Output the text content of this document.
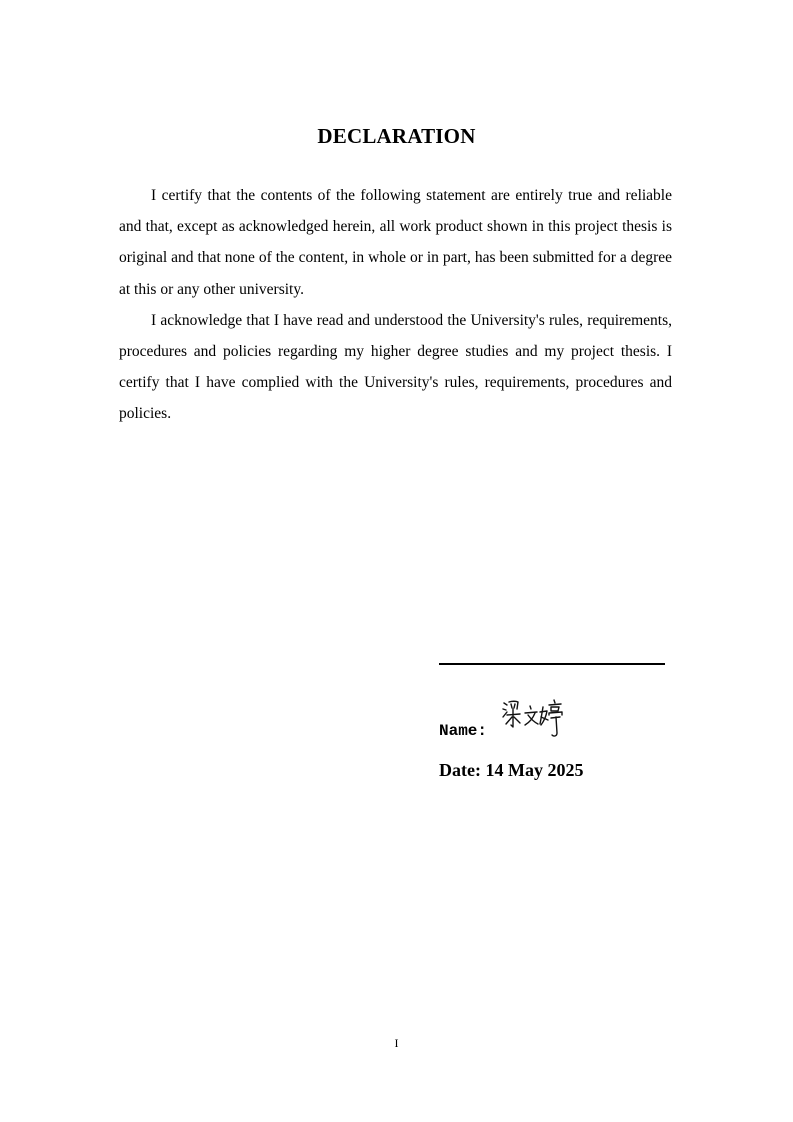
DECLARATION

I certify that the contents of the following statement are entirely true and reliable and that, except as acknowledged herein, all work product shown in this project thesis is original and that none of the content, in whole or in part, has been submitted for a degree at this or any other university.

I acknowledge that I have read and understood the University's rules, requirements, procedures and policies regarding my higher degree studies and my project thesis. I certify that I have complied with the University's rules, requirements, procedures and policies.

Name:
Date: 14 May 2025
I
